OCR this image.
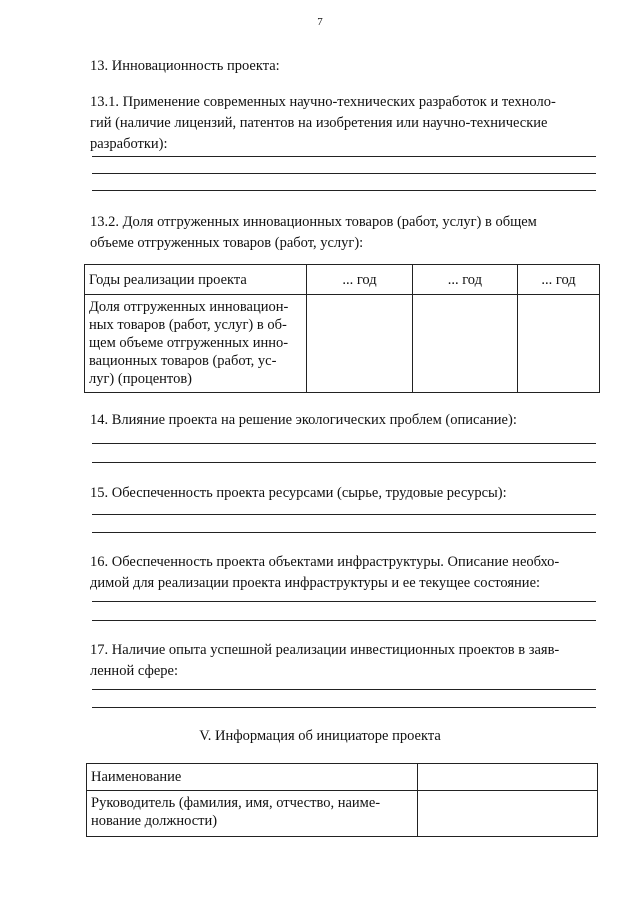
7
13. Инновационность проекта:
13.1. Применение современных научно-технических разработок и техноло-
гий (наличие лицензий, патентов на изобретения или научно-технические
разработки):
13.2. Доля отгруженных инновационных товаров (работ, услуг) в общем
объеме отгруженных товаров (работ, услуг):
Годы реализации проекта	... год	... год	... год

Доля отгруженных инновацион-
ных товаров (работ, услуг) в об-
щем объеме отгруженных инно-
вационных товаров (работ, ус-
луг) (процентов)			

14. Влияние проекта на решение экологических проблем (описание):
15. Обеспеченность проекта ресурсами (сырье, трудовые ресурсы):
16. Обеспеченность проекта объектами инфраструктуры. Описание необхо-
димой для реализации проекта инфраструктуры и ее текущее состояние:
17. Наличие опыта успешной реализации инвестиционных проектов в заяв-
ленной сфере:
V. Информация об инициаторе проекта
Наименование	

Руководитель (фамилия, имя, отчество, наиме-
нование должности)	
